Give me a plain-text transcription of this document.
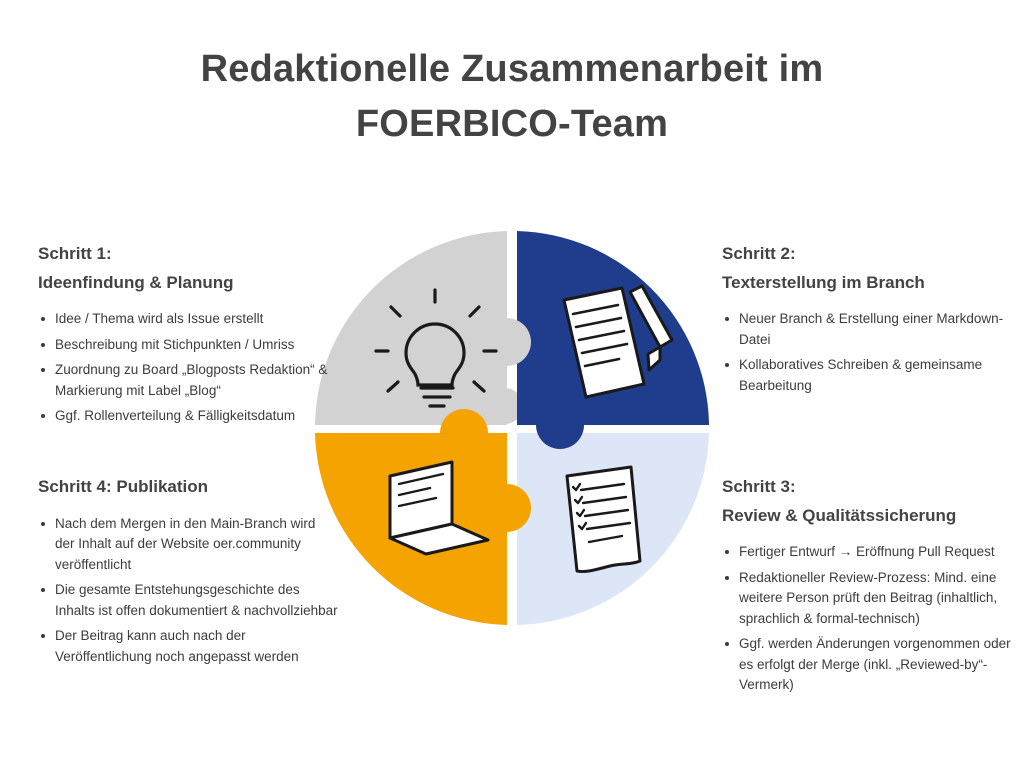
Redaktionelle Zusammenarbeit im
FOERBICO-Team
Schritt 1:
Ideenfindung & Planung
Idee / Thema wird als Issue erstellt
Beschreibung mit Stichpunkten / Umriss
Zuordnung zu Board „Blogposts Redaktion“ & Markierung mit Label „Blog“
Ggf. Rollenverteilung & Fälligkeitsdatum
Schritt 2:
Texterstellung im Branch
Neuer Branch & Erstellung einer Markdown-Datei
Kollaboratives Schreiben & gemeinsame Bearbeitung
Schritt 4: Publikation
Nach dem Mergen in den Main-Branch wird der Inhalt auf der Website oer.community veröffentlicht
Die gesamte Entstehungsgeschichte des Inhalts ist offen dokumentiert & nachvollziehbar
Der Beitrag kann auch nach der Veröffentlichung noch angepasst werden
Schritt 3:
Review & Qualitätssicherung
Fertiger Entwurf → Eröffnung Pull Request
Redaktioneller Review-Prozess: Mind. eine weitere Person prüft den Beitrag (inhaltlich, sprachlich & formal-technisch)
Ggf. werden Änderungen vorgenommen oder es erfolgt der Merge (inkl. „Reviewed-by“-Vermerk)
